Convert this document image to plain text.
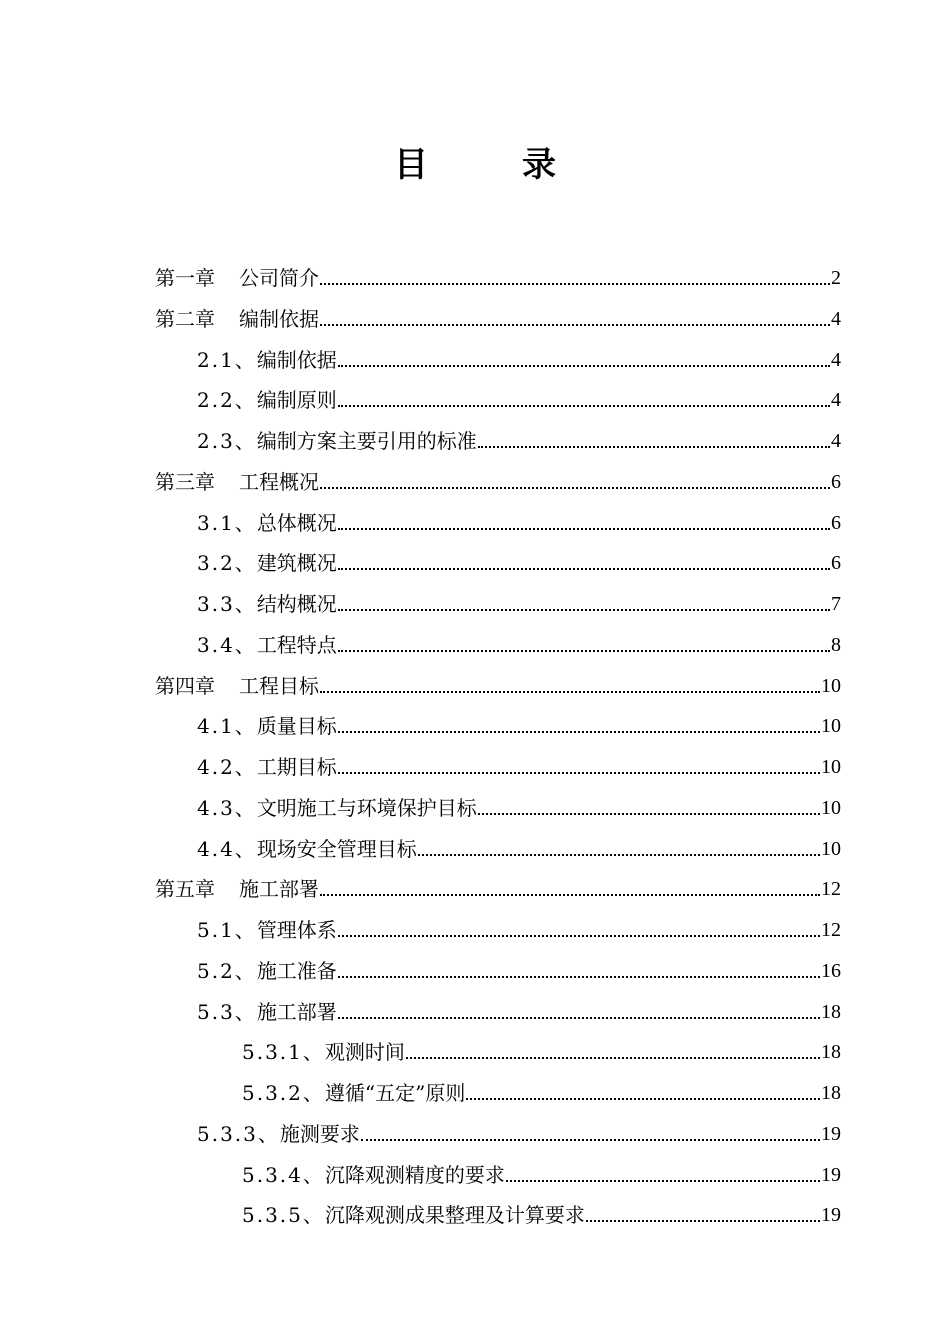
目　录
第一章 公司简介	2
第二章 编制依据	4
2.1、编制依据	4
2.2、编制原则	4
2.3、编制方案主要引用的标准	4
第三章 工程概况	6
3.1、总体概况	6
3.2、建筑概况	6
3.3、结构概况	7
3.4、工程特点	8
第四章 工程目标	10
4.1、质量目标	10
4.2、工期目标	10
4.3、文明施工与环境保护目标	10
4.4、现场安全管理目标	10
第五章 施工部署	12
5.1、管理体系	12
5.2、施工准备	16
5.3、施工部署	18
5.3.1、观测时间	18
5.3.2、遵循“五定”原则	18
5.3.3、施测要求	19
5.3.4、沉降观测精度的要求	19
5.3.5、沉降观测成果整理及计算要求	19
